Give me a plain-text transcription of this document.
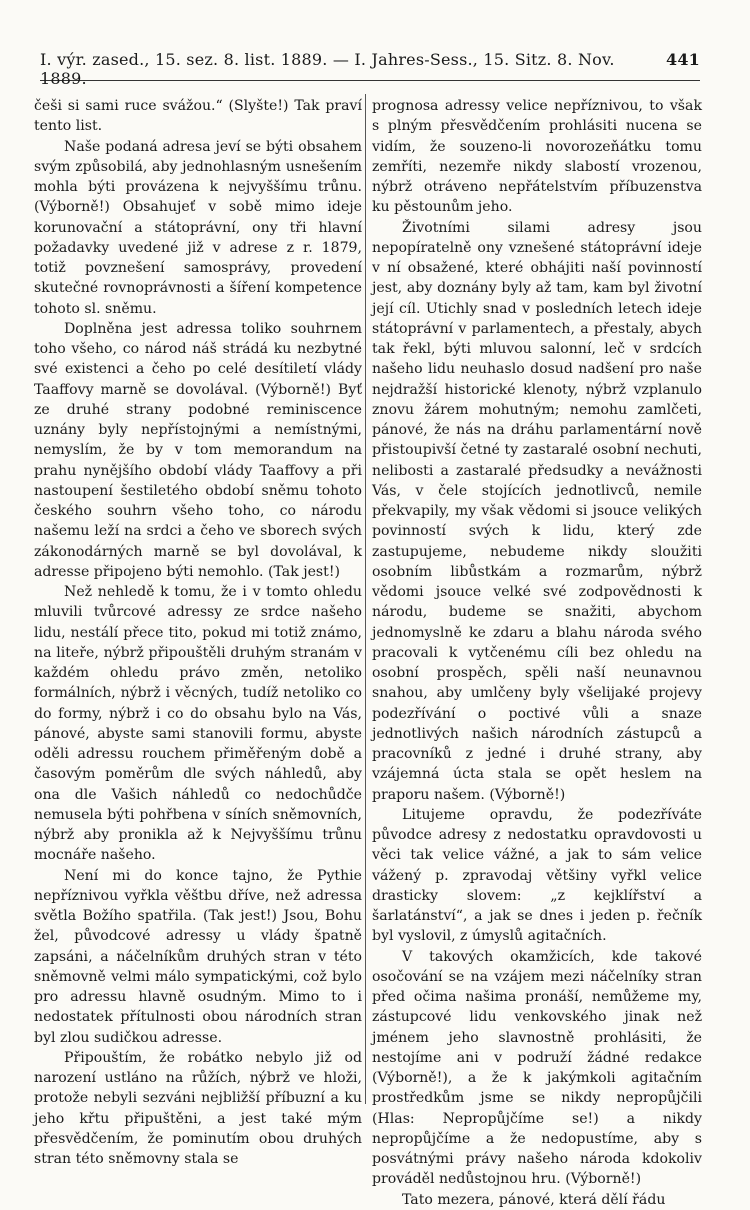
I. výr. zased., 15. sez. 8. list. 1889. — I. Jahres-Sess., 15. Sitz. 8. Nov. 1889.
441

češi si sami ruce svážou.“ (Slyšte!) Tak praví tento list.

Naše podaná adresa jeví se býti obsahem svým způsobilá, aby jednohlasným usnešením mohla býti provázena k nejvyššímu trůnu. (Výborně!) Obsahujeť v sobě mimo ideje korunovační a státoprávní, ony tři hlavní požadavky uvedené již v adrese z r. 1879, totiž povznešení samosprávy, provedení skutečné rovnoprávnosti a šíření kompetence tohoto sl. sněmu.

Doplněna jest adressa toliko souhrnem toho všeho, co národ náš strádá ku nezbytné své existenci a čeho po celé desítiletí vlády Taaffovy marně se dovolával. (Výborně!) Byť ze druhé strany podobné reminiscence uznány byly nepřístojnými a nemístnými, nemyslím, že by v tom memorandum na prahu nynějšího období vlády Taaffovy a při nastoupení šestiletého období sněmu tohoto českého souhrn všeho toho, co národu našemu leží na srdci a čeho ve sborech svých zákonodárných marně se byl dovolával, k adresse připojeno býti nemohlo. (Tak jest!)

Než nehledě k tomu, že i v tomto ohledu mluvili tvůrcové adressy ze srdce našeho lidu, nestálí přece tito, pokud mi totiž známo, na liteře, nýbrž připouštěli druhým stranám v každém ohledu právo změn, netoliko formálních, nýbrž i věcných, tudíž netoliko co do formy, nýbrž i co do obsahu bylo na Vás, pánové, abyste sami stanovili formu, abyste oděli adressu rouchem přiměřeným době a časovým poměrům dle svých náhledů, aby ona dle Vašich náhledů co nedochůdče nemusela býti pohřbena v síních sněmovních, nýbrž aby pronikla až k Nejvyššímu trůnu mocnáře našeho.

Není mi do konce tajno, že Pythie nepříznivou vyřkla věštbu dříve, než adressa světla Božího spatřila. (Tak jest!) Jsou, Bohu žel, původcové adressy u vlády špatně zapsáni, a náčelníkům druhých stran v této sněmovně velmi málo sympatickými, což bylo pro adressu hlavně osudným. Mimo to i nedostatek přítulnosti obou národních stran byl zlou sudičkou adresse.

Připouštím, že robátko nebylo již od narození ustláno na růžích, nýbrž ve hloži, protože nebyli sezváni nejbližší příbuzní a ku jeho křtu připuštěni, a jest také mým přesvědčením, že pominutím obou druhých stran této sněmovny stala se

prognosa adressy velice nepříznivou, to však s plným přesvědčením prohlásiti nucena se vidím, že souzeno-li novorozeňátku tomu zemříti, nezemře nikdy slabostí vrozenou, nýbrž otráveno nepřátelstvím příbuzenstva ku pěstounům jeho.

Životními silami adresy jsou nepopíratelně ony vznešené státoprávní ideje v ní obsažené, které obhájiti naší povinností jest, aby doznány byly až tam, kam byl životní její cíl. Utichly snad v posledních letech ideje státoprávní v parlamentech, a přestaly, abych tak řekl, býti mluvou salonní, leč v srdcích našeho lidu neuhaslo dosud nadšení pro naše nejdražší historické klenoty, nýbrž vzplanulo znovu žárem mohutným; nemohu zamlčeti, pánové, že nás na dráhu parlamentární nově přistoupivší četné ty zastaralé osobní nechuti, nelibosti a zastaralé předsudky a nevážnosti Vás, v čele stojících jednotlivců, nemile překvapily, my však vědomi si jsouce velikých povinností svých k lidu, který zde zastupujeme, nebudeme nikdy sloužiti osobním libůstkám a rozmarům, nýbrž vědomi jsouce velké své zodpovědnosti k národu, budeme se snažiti, abychom jednomyslně ke zdaru a blahu národa svého pracovali k vytčenému cíli bez ohledu na osobní prospěch, spěli naší neunavnou snahou, aby umlčeny byly všelijaké projevy podezřívání o poctivé vůli a snaze jednotlivých našich národních zástupců a pracovníků z jedné i druhé strany, aby vzájemná úcta stala se opět heslem na praporu našem. (Výborně!)

Litujeme opravdu, že podezříváte původce adresy z nedostatku opravdovosti u věci tak velice vážné, a jak to sám velice vážený p. zpravodaj většiny vyřkl velice drasticky slovem: „z kejklířství a šarlatánství“, a jak se dnes i jeden p. řečník byl vyslovil, z úmyslů agitačních.

V takových okamžicích, kde takové osočování se na vzájem mezi náčelníky stran před očima našima pronáší, nemůžeme my, zástupcové lidu venkovského jinak než jménem jeho slavnostně prohlásiti, že nestojíme ani v podruží žádné redakce (Výborně!), a že k jakýmkoli agitačním prostředkům jsme se nikdy nepropůjčili (Hlas: Nepropůjčíme se!) a nikdy nepropůjčíme a že nedopustíme, aby s posvátnými právy našeho národa kdokoliv prováděl nedůstojnou hru. (Výborně!)

Tato mezera, pánové, která dělí řádu
